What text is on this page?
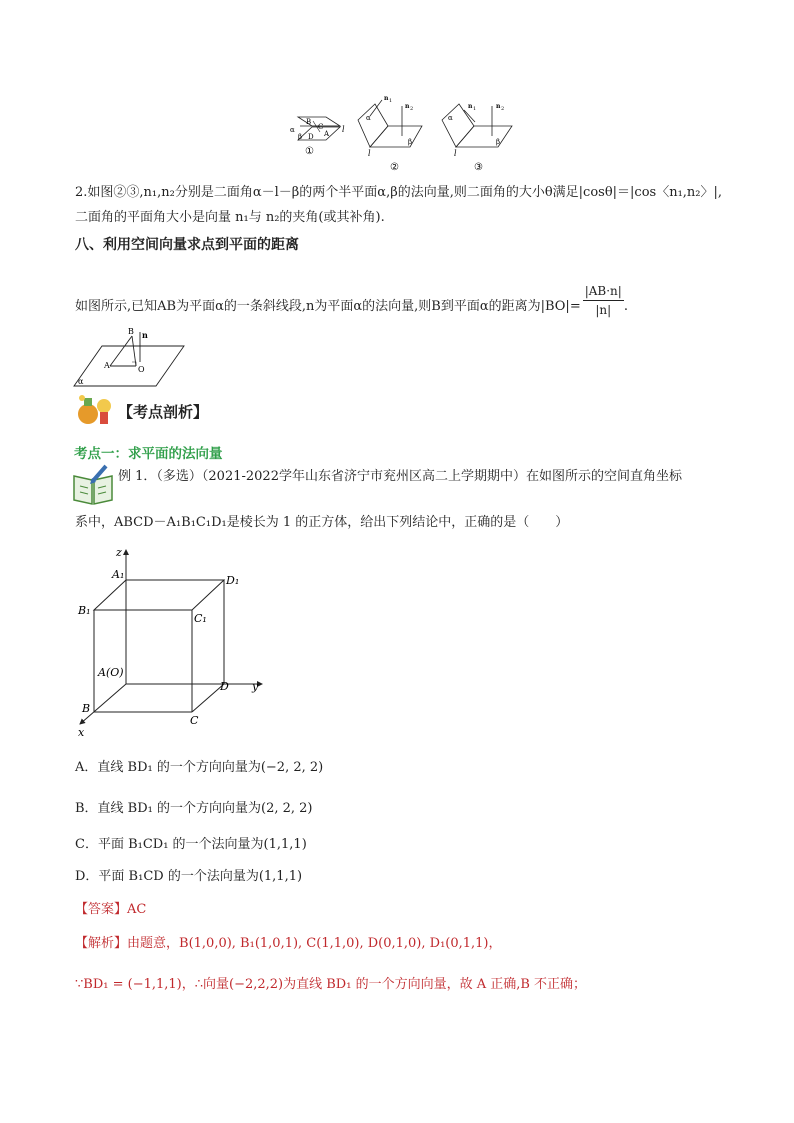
α
B
C
β D A l
①
n 1
n 2
α
β
l
②
n 1	n 2
α
β
l
③
2.如图②③,n₁,n₂分别是二面角α－l－β的两个半平面α,β的法向量,则二面角的大小θ满足|cosθ|＝|cos〈n₁,n₂〉|,
二面角的平面角大小是向量 n₁与 n₂的夹角(或其补角).
八、利用空间向量求点到平面的距离
如图所示,已知AB为平面α的一条斜线段,n为平面α的法向量,则B到平面α的距离为$|BO|= \frac{|AB\cdot n|}{|n|}$ .
B n
A	O
α
【考点剖析】
考点一：求平面的法向量
例 1．（多选）（2021-2022学年山东省济宁市兖州区高二上学期期中）在如图所示的空间直角坐标
系中，ABCD－A₁B₁C₁D₁是棱长为 1 的正方体，给出下列结论中，正确的是（　　）
z
y
x
A₁	D₁
B₁
C₁
A(O)
D
B
C
A．直线 BD₁ 的一个方向向量为(−2, 2, 2)
B．直线 BD₁ 的一个方向向量为(2, 2, 2)
C．平面 B₁CD₁ 的一个法向量为(1,1,1)
D．平面 B₁CD 的一个法向量为(1,1,1)
【答案】AC
【解析】由题意，B(1,0,0), B₁(1,0,1), C(1,1,0), D(0,1,0), D₁(0,1,1)，
∵BD₁ = (−1,1,1)，∴向量(−2,2,2)为直线 BD₁ 的一个方向向量，故 A 正确,B 不正确；
